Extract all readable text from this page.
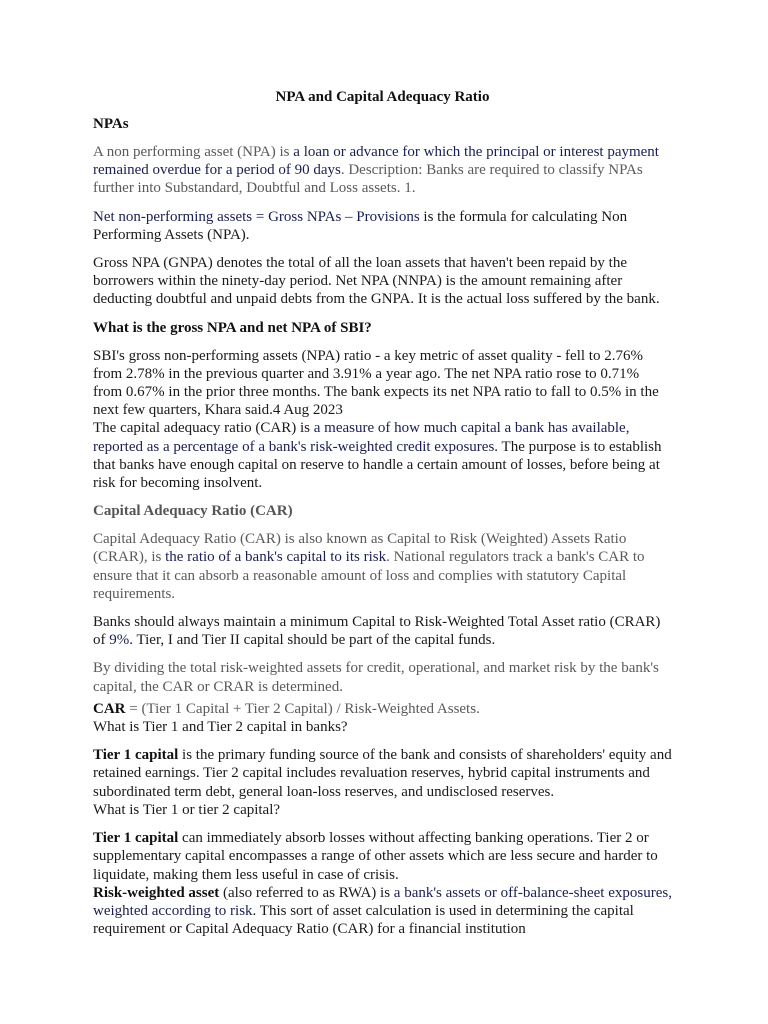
NPA and Capital Adequacy Ratio
NPAs

A non performing asset (NPA) is a loan or advance for which the principal or interest payment remained overdue for a period of 90 days. Description: Banks are required to classify NPAs further into Substandard, Doubtful and Loss assets. 1.

Net non-performing assets = Gross NPAs – Provisions is the formula for calculating Non Performing Assets (NPA).

Gross NPA (GNPA) denotes the total of all the loan assets that haven't been repaid by the borrowers within the ninety-day period. Net NPA (NNPA) is the amount remaining after deducting doubtful and unpaid debts from the GNPA. It is the actual loss suffered by the bank.

What is the gross NPA and net NPA of SBI?

SBI's gross non-performing assets (NPA) ratio - a key metric of asset quality - fell to 2.76% from 2.78% in the previous quarter and 3.91% a year ago. The net NPA ratio rose to 0.71% from 0.67% in the prior three months. The bank expects its net NPA ratio to fall to 0.5% in the next few quarters, Khara said.4 Aug 2023

The capital adequacy ratio (CAR) is a measure of how much capital a bank has available, reported as a percentage of a bank's risk-weighted credit exposures. The purpose is to establish that banks have enough capital on reserve to handle a certain amount of losses, before being at risk for becoming insolvent.

Capital Adequacy Ratio (CAR)

Capital Adequacy Ratio (CAR) is also known as Capital to Risk (Weighted) Assets Ratio (CRAR), is the ratio of a bank's capital to its risk. National regulators track a bank's CAR to ensure that it can absorb a reasonable amount of loss and complies with statutory Capital requirements.

Banks should always maintain a minimum Capital to Risk-Weighted Total Asset ratio (CRAR) of 9%. Tier, I and Tier II capital should be part of the capital funds.

By dividing the total risk-weighted assets for credit, operational, and market risk by the bank's capital, the CAR or CRAR is determined.

CAR = (Tier 1 Capital + Tier 2 Capital) / Risk-Weighted Assets.

What is Tier 1 and Tier 2 capital in banks?

Tier 1 capital is the primary funding source of the bank and consists of shareholders' equity and retained earnings. Tier 2 capital includes revaluation reserves, hybrid capital instruments and subordinated term debt, general loan-loss reserves, and undisclosed reserves.

What is Tier 1 or tier 2 capital?

Tier 1 capital can immediately absorb losses without affecting banking operations. Tier 2 or supplementary capital encompasses a range of other assets which are less secure and harder to liquidate, making them less useful in case of crisis.

Risk-weighted asset (also referred to as RWA) is a bank's assets or off-balance-sheet exposures, weighted according to risk. This sort of asset calculation is used in determining the capital requirement or Capital Adequacy Ratio (CAR) for a financial institution
